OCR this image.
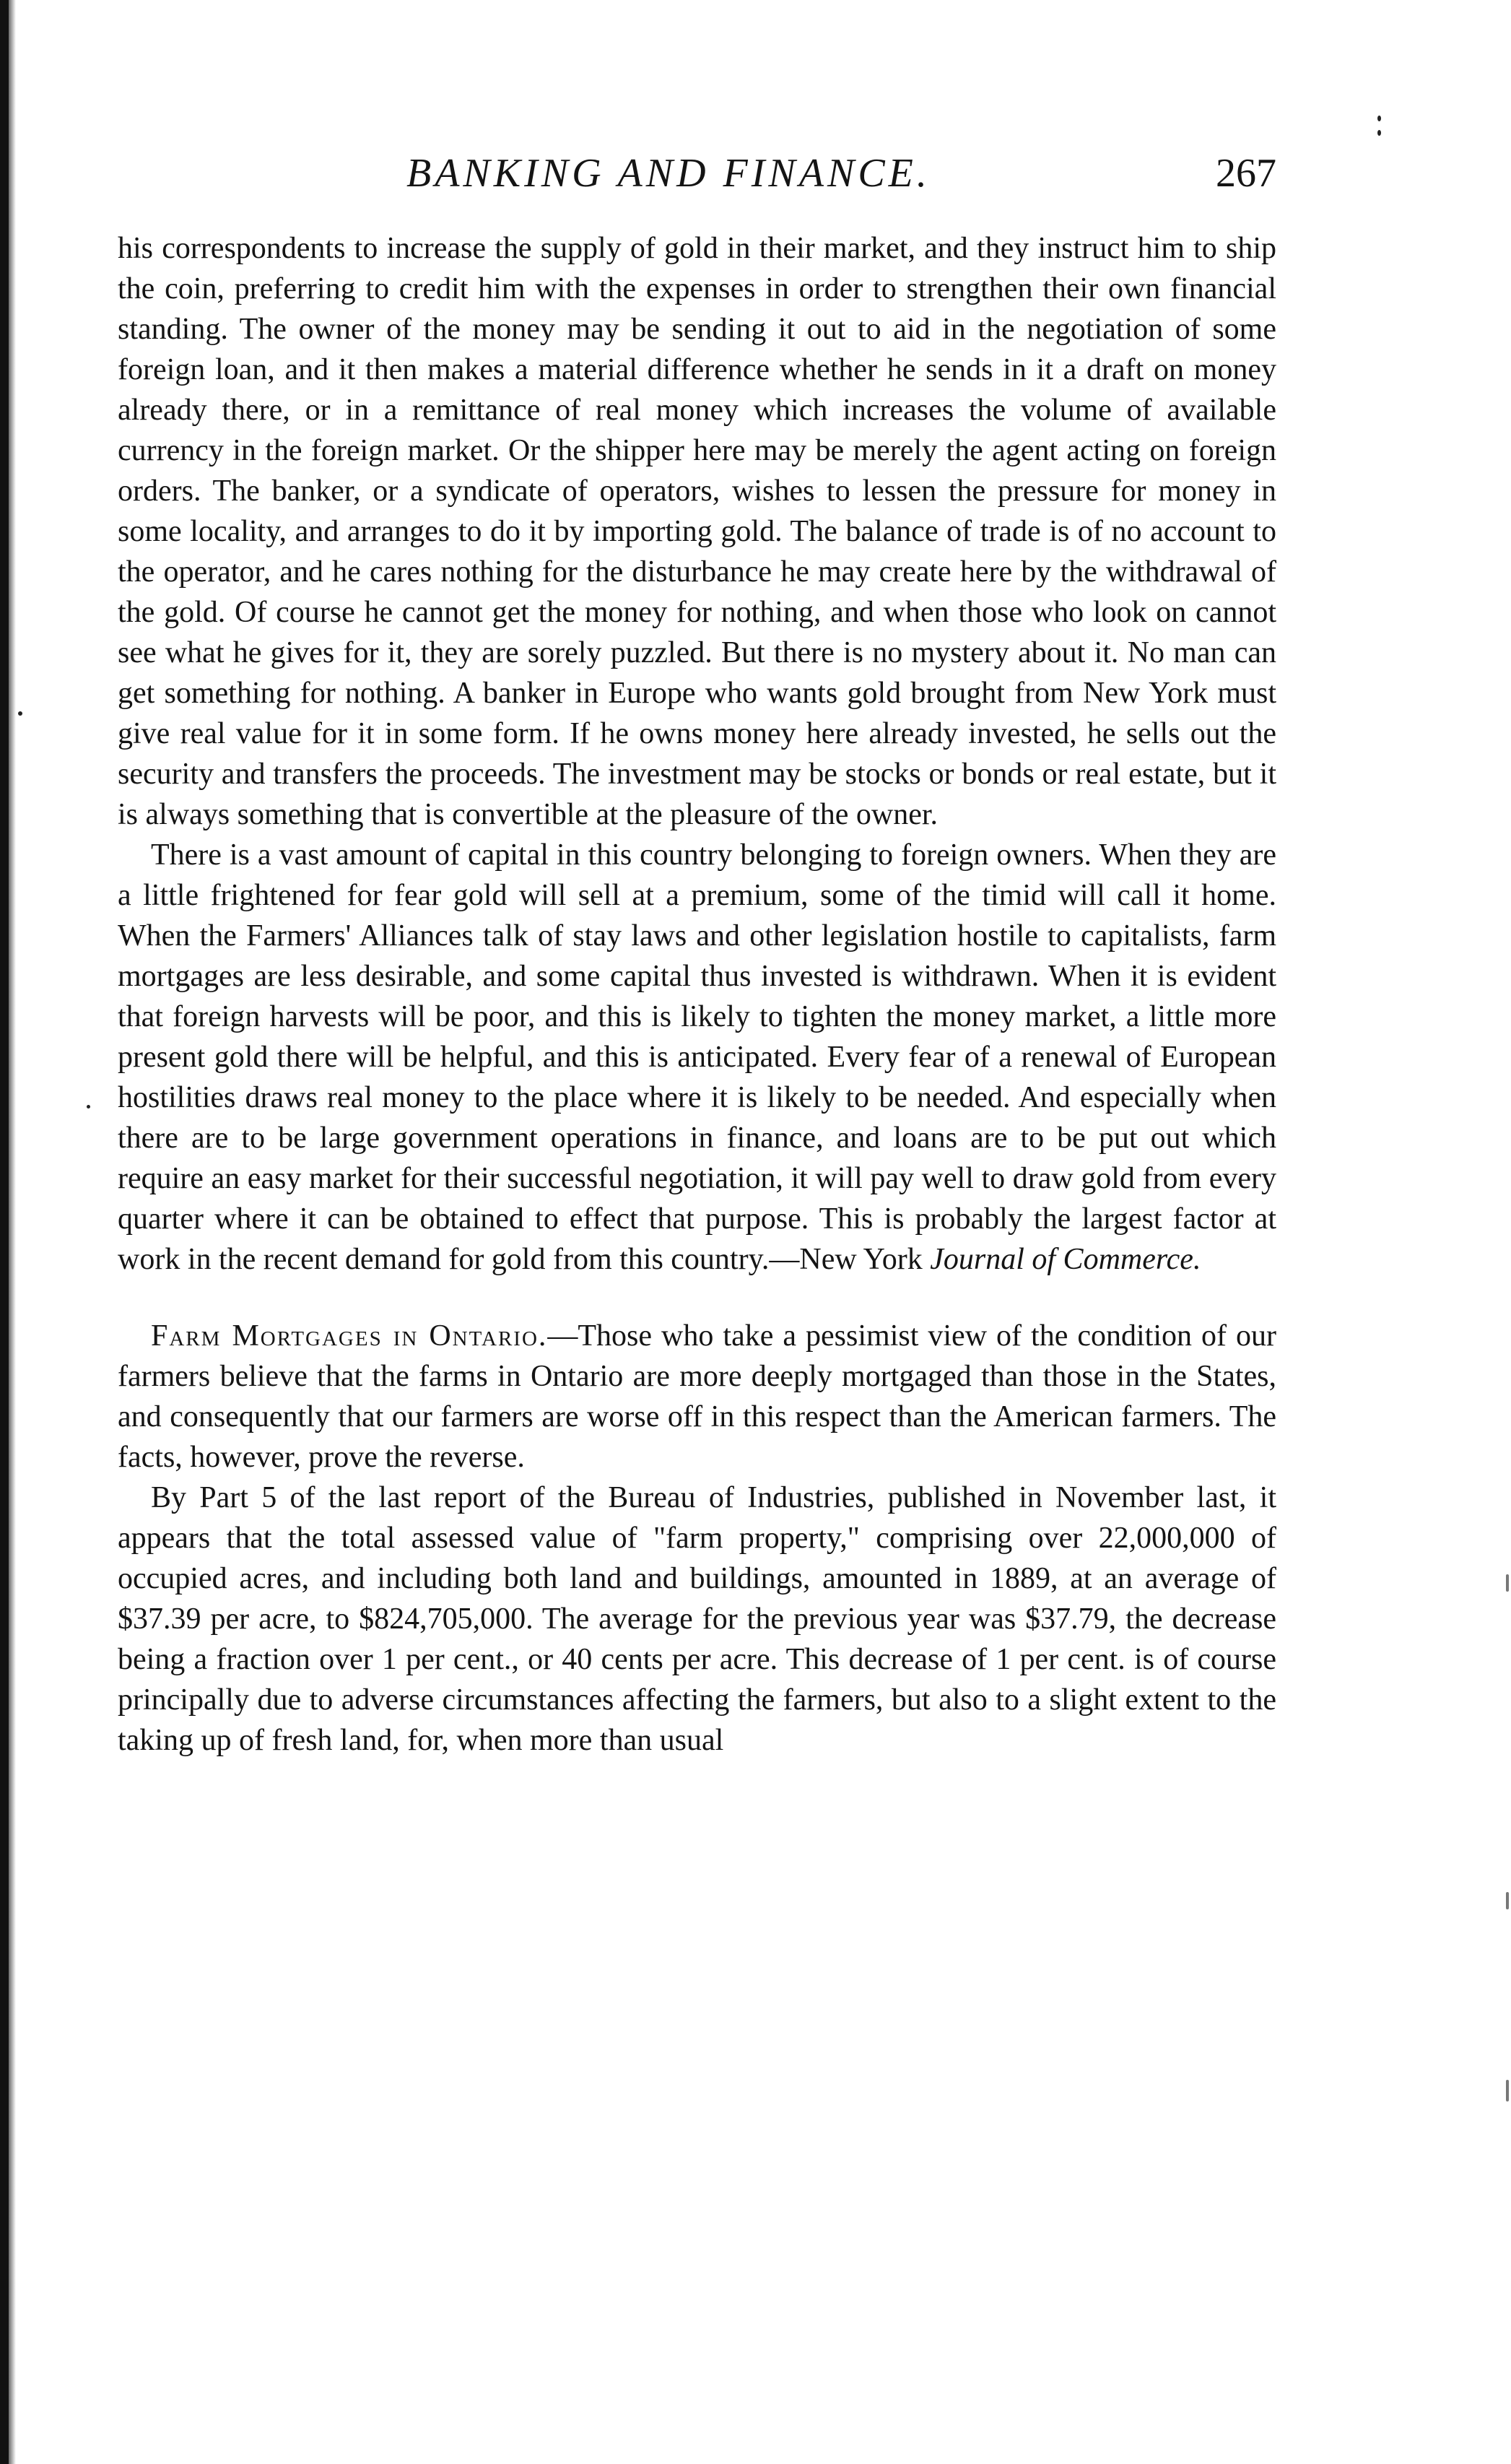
BANKING AND FINANCE.	267

his correspondents to increase the supply of gold in their market, and they instruct him to ship the coin, preferring to credit him with the expenses in order to strengthen their own financial standing. The owner of the money may be sending it out to aid in the negotiation of some foreign loan, and it then makes a material difference whether he sends in it a draft on money already there, or in a remittance of real money which increases the volume of available currency in the foreign market. Or the shipper here may be merely the agent acting on foreign orders. The banker, or a syndicate of operators, wishes to lessen the pressure for money in some locality, and arranges to do it by importing gold. The balance of trade is of no account to the operator, and he cares nothing for the disturbance he may create here by the withdrawal of the gold. Of course he cannot get the money for nothing, and when those who look on cannot see what he gives for it, they are sorely puzzled. But there is no mystery about it. No man can get something for nothing. A banker in Europe who wants gold brought from New York must give real value for it in some form. If he owns money here already invested, he sells out the security and transfers the proceeds. The investment may be stocks or bonds or real estate, but it is always something that is convertible at the pleasure of the owner.

There is a vast amount of capital in this country belonging to foreign owners. When they are a little frightened for fear gold will sell at a premium, some of the timid will call it home. When the Farmers' Alliances talk of stay laws and other legislation hostile to capitalists, farm mortgages are less desirable, and some capital thus invested is withdrawn. When it is evident that foreign harvests will be poor, and this is likely to tighten the money market, a little more present gold there will be helpful, and this is anticipated. Every fear of a renewal of European hostilities draws real money to the place where it is likely to be needed. And especially when there are to be large government operations in finance, and loans are to be put out which require an easy market for their successful negotiation, it will pay well to draw gold from every quarter where it can be obtained to effect that purpose. This is probably the largest factor at work in the recent demand for gold from this country.—New York Journal of Commerce.

Farm Mortgages in Ontario.—Those who take a pessimist view of the condition of our farmers believe that the farms in Ontario are more deeply mortgaged than those in the States, and consequently that our farmers are worse off in this respect than the American farmers. The facts, however, prove the reverse.

By Part 5 of the last report of the Bureau of Industries, published in November last, it appears that the total assessed value of "farm property," comprising over 22,000,000 of occupied acres, and including both land and buildings, amounted in 1889, at an average of $37.39 per acre, to $824,705,000. The average for the previous year was $37.79, the decrease being a fraction over 1 per cent., or 40 cents per acre. This decrease of 1 per cent. is of course principally due to adverse circumstances affecting the farmers, but also to a slight extent to the taking up of fresh land, for, when more than usual
